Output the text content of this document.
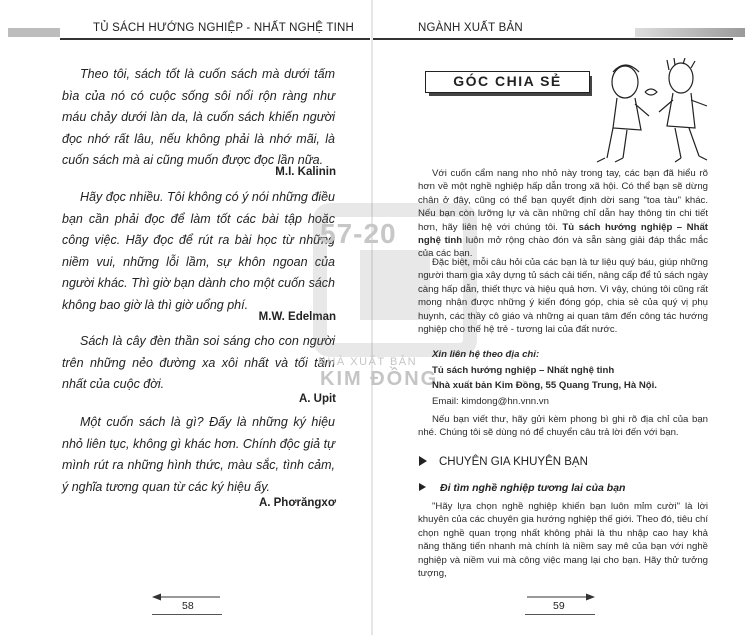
TỦ SÁCH HƯỚNG NGHIỆP - NHẤT NGHỆ TINH

Theo tôi, sách tốt là cuốn sách mà dưới tấm bìa của nó có cuộc sống sôi nổi rộn ràng như máu chảy dưới làn da, là cuốn sách khiến người đọc nhớ rất lâu, nếu không phải là nhớ mãi, là cuốn sách mà ai cũng muốn được đọc lần nữa.

M.I. Kalinin

Hãy đọc nhiều. Tôi không có ý nói những điều bạn cần phải đọc để làm tốt các bài tập hoặc công việc. Hãy đọc để rút ra bài học từ những niềm vui, những lỗi lầm, sự khôn ngoan của người khác. Thì giờ bạn dành cho một cuốn sách không bao giờ là thì giờ uổng phí.

M.W. Edelman

Sách là cây đèn thần soi sáng cho con người trên những nẻo đường xa xôi nhất và tối tăm nhất của cuộc đời.

A. Upit

Một cuốn sách là gì? Đấy là những ký hiệu nhỏ liên tục, không gì khác hơn. Chính độc giả tự mình rút ra những hình thức, màu sắc, tình cảm, ý nghĩa tương quan từ các ký hiệu ấy.

A. Phơrăngxơ
58
57-20
NHÀ XUẤT BẢN
KIM ĐỒNG
NGÀNH XUẤT BẢN
GÓC CHIA SẺ

Với cuốn cẩm nang nho nhỏ này trong tay, các bạn đã hiểu rõ hơn về một nghề nghiệp hấp dẫn trong xã hội. Có thể bạn sẽ dừng chân ở đây, cũng có thể bạn quyết định dời sang "toa tàu" khác. Nếu bạn còn lưỡng lự và cần những chỉ dẫn hay thông tin chi tiết hơn, hãy liên hệ với chúng tôi. Tủ sách hướng nghiệp – Nhất nghệ tinh luôn mở rộng chào đón và sẵn sàng giải đáp thắc mắc của các bạn.

Đặc biệt, mỗi câu hỏi của các bạn là tư liệu quý báu, giúp những người tham gia xây dựng tủ sách cải tiến, nâng cấp để tủ sách ngày càng hấp dẫn, thiết thực và hiệu quả hơn. Vì vậy, chúng tôi cũng rất mong nhận được những ý kiến đóng góp, chia sẻ của quý vị phụ huynh, các thầy cô giáo và những ai quan tâm đến công tác hướng nghiệp cho thế hệ trẻ - tương lai của đất nước.

Xin liên hệ theo địa chỉ:
Tủ sách hướng nghiệp – Nhất nghệ tinh
Nhà xuất bản Kim Đồng, 55 Quang Trung, Hà Nội.
Email: kimdong@hn.vnn.vn

Nếu bạn viết thư, hãy gửi kèm phong bì ghi rõ địa chỉ của bạn nhé. Chúng tôi sẽ dùng nó để chuyển câu trả lời đến với bạn.

CHUYÊN GIA KHUYÊN BẠN
Đi tìm nghề nghiệp tương lai của bạn

"Hãy lựa chọn nghề nghiệp khiến bạn luôn mỉm cười" là lời khuyên của các chuyên gia hướng nghiệp thế giới. Theo đó, tiêu chí chọn nghề quan trọng nhất không phải là thu nhập cao hay khả năng thăng tiến nhanh mà chính là niềm say mê của bạn với nghề nghiệp và niềm vui mà công việc mang lại cho bạn. Hãy thử tưởng tượng,

59
